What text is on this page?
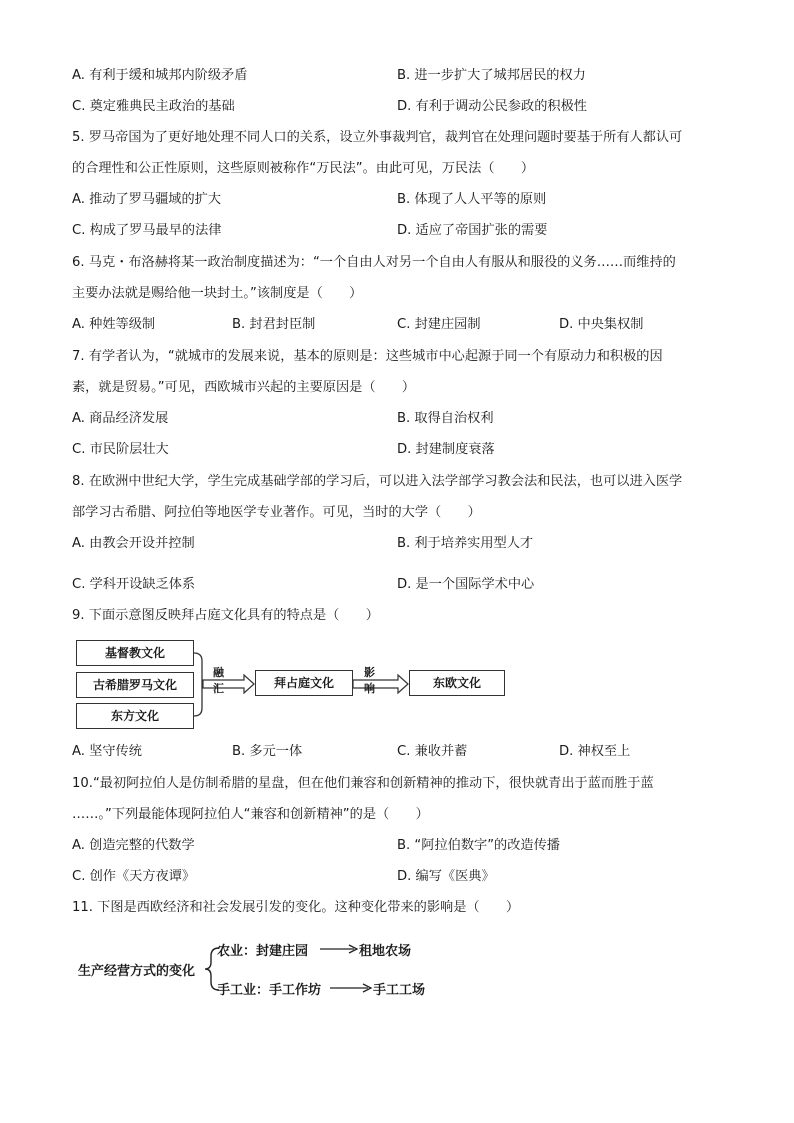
A. 有利于缓和城邦内阶级矛盾	B. 进一步扩大了城邦居民的权力
C. 奠定雅典民主政治的基础	D. 有利于调动公民参政的积极性
5. 罗马帝国为了更好地处理不同人口的关系，设立外事裁判官，裁判官在处理问题时要基于所有人都认可
的合理性和公正性原则，这些原则被称作“万民法”。由此可见，万民法（　　）
A. 推动了罗马疆域的扩大	B. 体现了人人平等的原则
C. 构成了罗马最早的法律	D. 适应了帝国扩张的需要
6. 马克・布洛赫将某一政治制度描述为：“一个自由人对另一个自由人有服从和服役的义务……而维持的
主要办法就是赐给他一块封土。”该制度是（　　）
A. 种姓等级制	B. 封君封臣制	C. 封建庄园制	D. 中央集权制
7. 有学者认为，“就城市的发展来说，基本的原则是：这些城市中心起源于同一个有原动力和积极的因
素，就是贸易。”可见，西欧城市兴起的主要原因是（　　）
A. 商品经济发展	B. 取得自治权利
C. 市民阶层壮大	D. 封建制度衰落
8. 在欧洲中世纪大学，学生完成基础学部的学习后，可以进入法学部学习教会法和民法，也可以进入医学
部学习古希腊、阿拉伯等地医学专业著作。可见，当时的大学（　　）
A. 由教会开设并控制	B. 利于培养实用型人才
C. 学科开设缺乏体系	D. 是一个国际学术中心
9. 下面示意图反映拜占庭文化具有的特点是（　　）
基督教文化
古希腊罗马文化
东方文化
融汇	拜占庭文化
影响	东欧文化
A. 坚守传统	B. 多元一体	C. 兼收并蓄	D. 神权至上
10.“最初阿拉伯人是仿制希腊的星盘，但在他们兼容和创新精神的推动下，很快就青出于蓝而胜于蓝
……。”下列最能体现阿拉伯人“兼容和创新精神”的是（　　）
A. 创造完整的代数学	B. “阿拉伯数字”的改造传播
C. 创作《天方夜谭》	D. 编写《医典》
11. 下图是西欧经济和社会发展引发的变化。这种变化带来的影响是（　　）
生产经营方式的变化
农业：封建庄园	租地农场
手工业：手工作坊	手工工场
